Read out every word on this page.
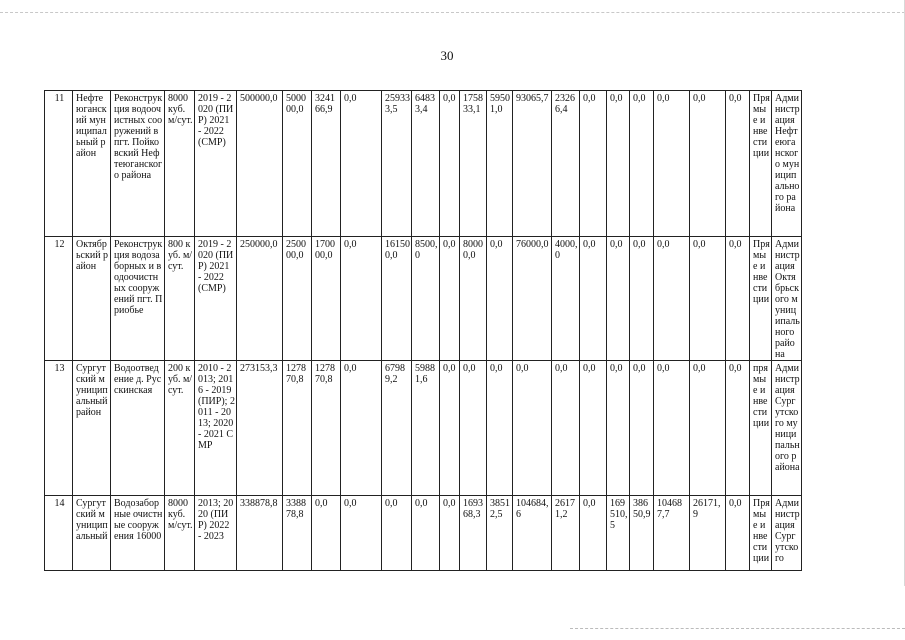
30
11	Нефтеюганский муниципальный район	Реконструкция водоочистных сооружений в пгт. Пойковский Нефтеюганского района	8000 куб. м/сут.	2019 - 2020 (ПИР) 2021 - 2022 (СМР)	500000,0	500000,0	324166,9	0,0	259333,5	64833,4	0,0	175833,1	59501,0	93065,7	23266,4	0,0	0,0	0,0	0,0	0,0	0,0	Прямые инвестиции	Администрация Нефтеюганского муниципального района
12	Октябрьский район	Реконструкция водозаборных и водоочистных сооружений пгт. Приобье	800 куб. м/сут.	2019 - 2020 (ПИР) 2021 - 2022 (СМР)	250000,0	250000,0	170000,0	0,0	161500,0	8500,0	0,0	80000,0	0,0	76000,0	4000,0	0,0	0,0	0,0	0,0	0,0	0,0	Прямые инвестиции	Администрация Октябрьского муниципального района
13	Сургутский муниципальный район	Водоотведение д. Русскинская	200 куб. м/сут.	2010 - 2013; 2016 - 2019 (ПИР); 2011 - 2013; 2020 - 2021 СМР	273153,3	127870,8	127870,8	0,0	67989,2	59881,6	0,0	0,0	0,0	0,0	0,0	0,0	0,0	0,0	0,0	0,0	0,0	прямые инвестиции	Администрация Сургутского муниципального района
14	Сургутский муниципальный	Водозаборные очистные сооружения 16000	8000 куб. м/сут.	2013; 2020 (ПИР) 2022 - 2023	338878,8	338878,8	0,0	0,0	0,0	0,0	0,0	169368,3	38512,5	104684,6	26171,2	0,0	169510,5	38650,9	104687,7	26171,9	0,0	Прямые инвестиции	Администрация Сургутского
